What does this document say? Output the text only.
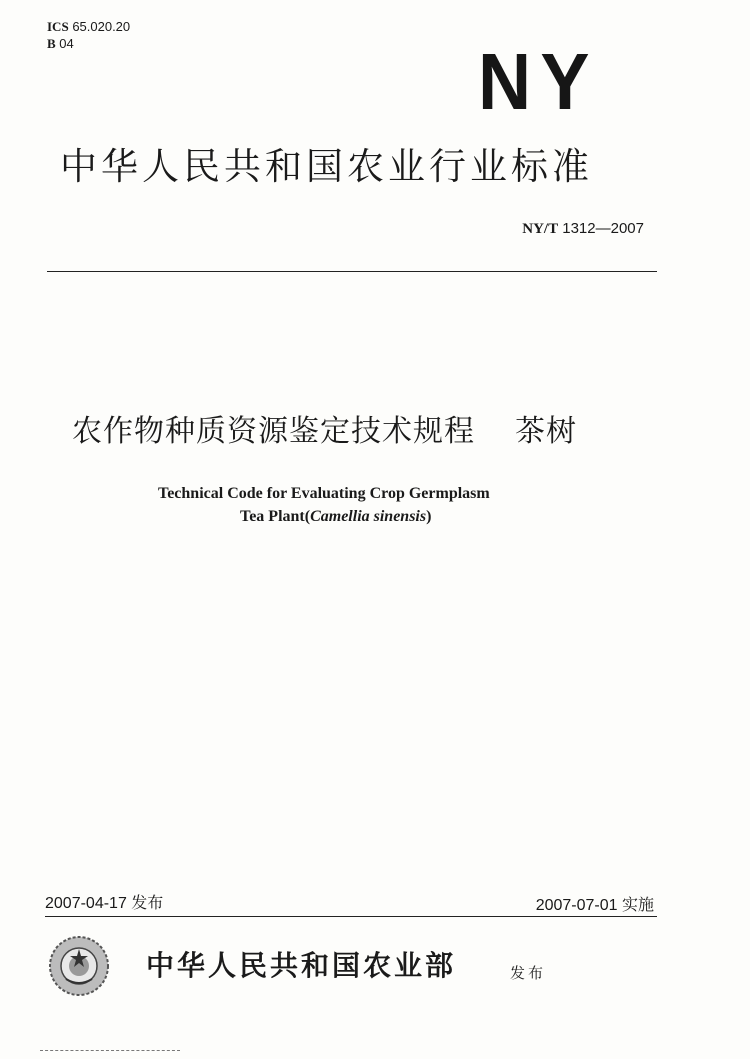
ICS 65.020.20
B 04	NY
中华人民共和国农业行业标准
NY/T 1312—2007
农作物种质资源鉴定技术规程 茶树
Technical Code for Evaluating Crop Germplasm
Tea Plant(Camellia sinensis)
2007-04-17 发布	2007-07-01 实施
中华人民共和国农业部	发布
